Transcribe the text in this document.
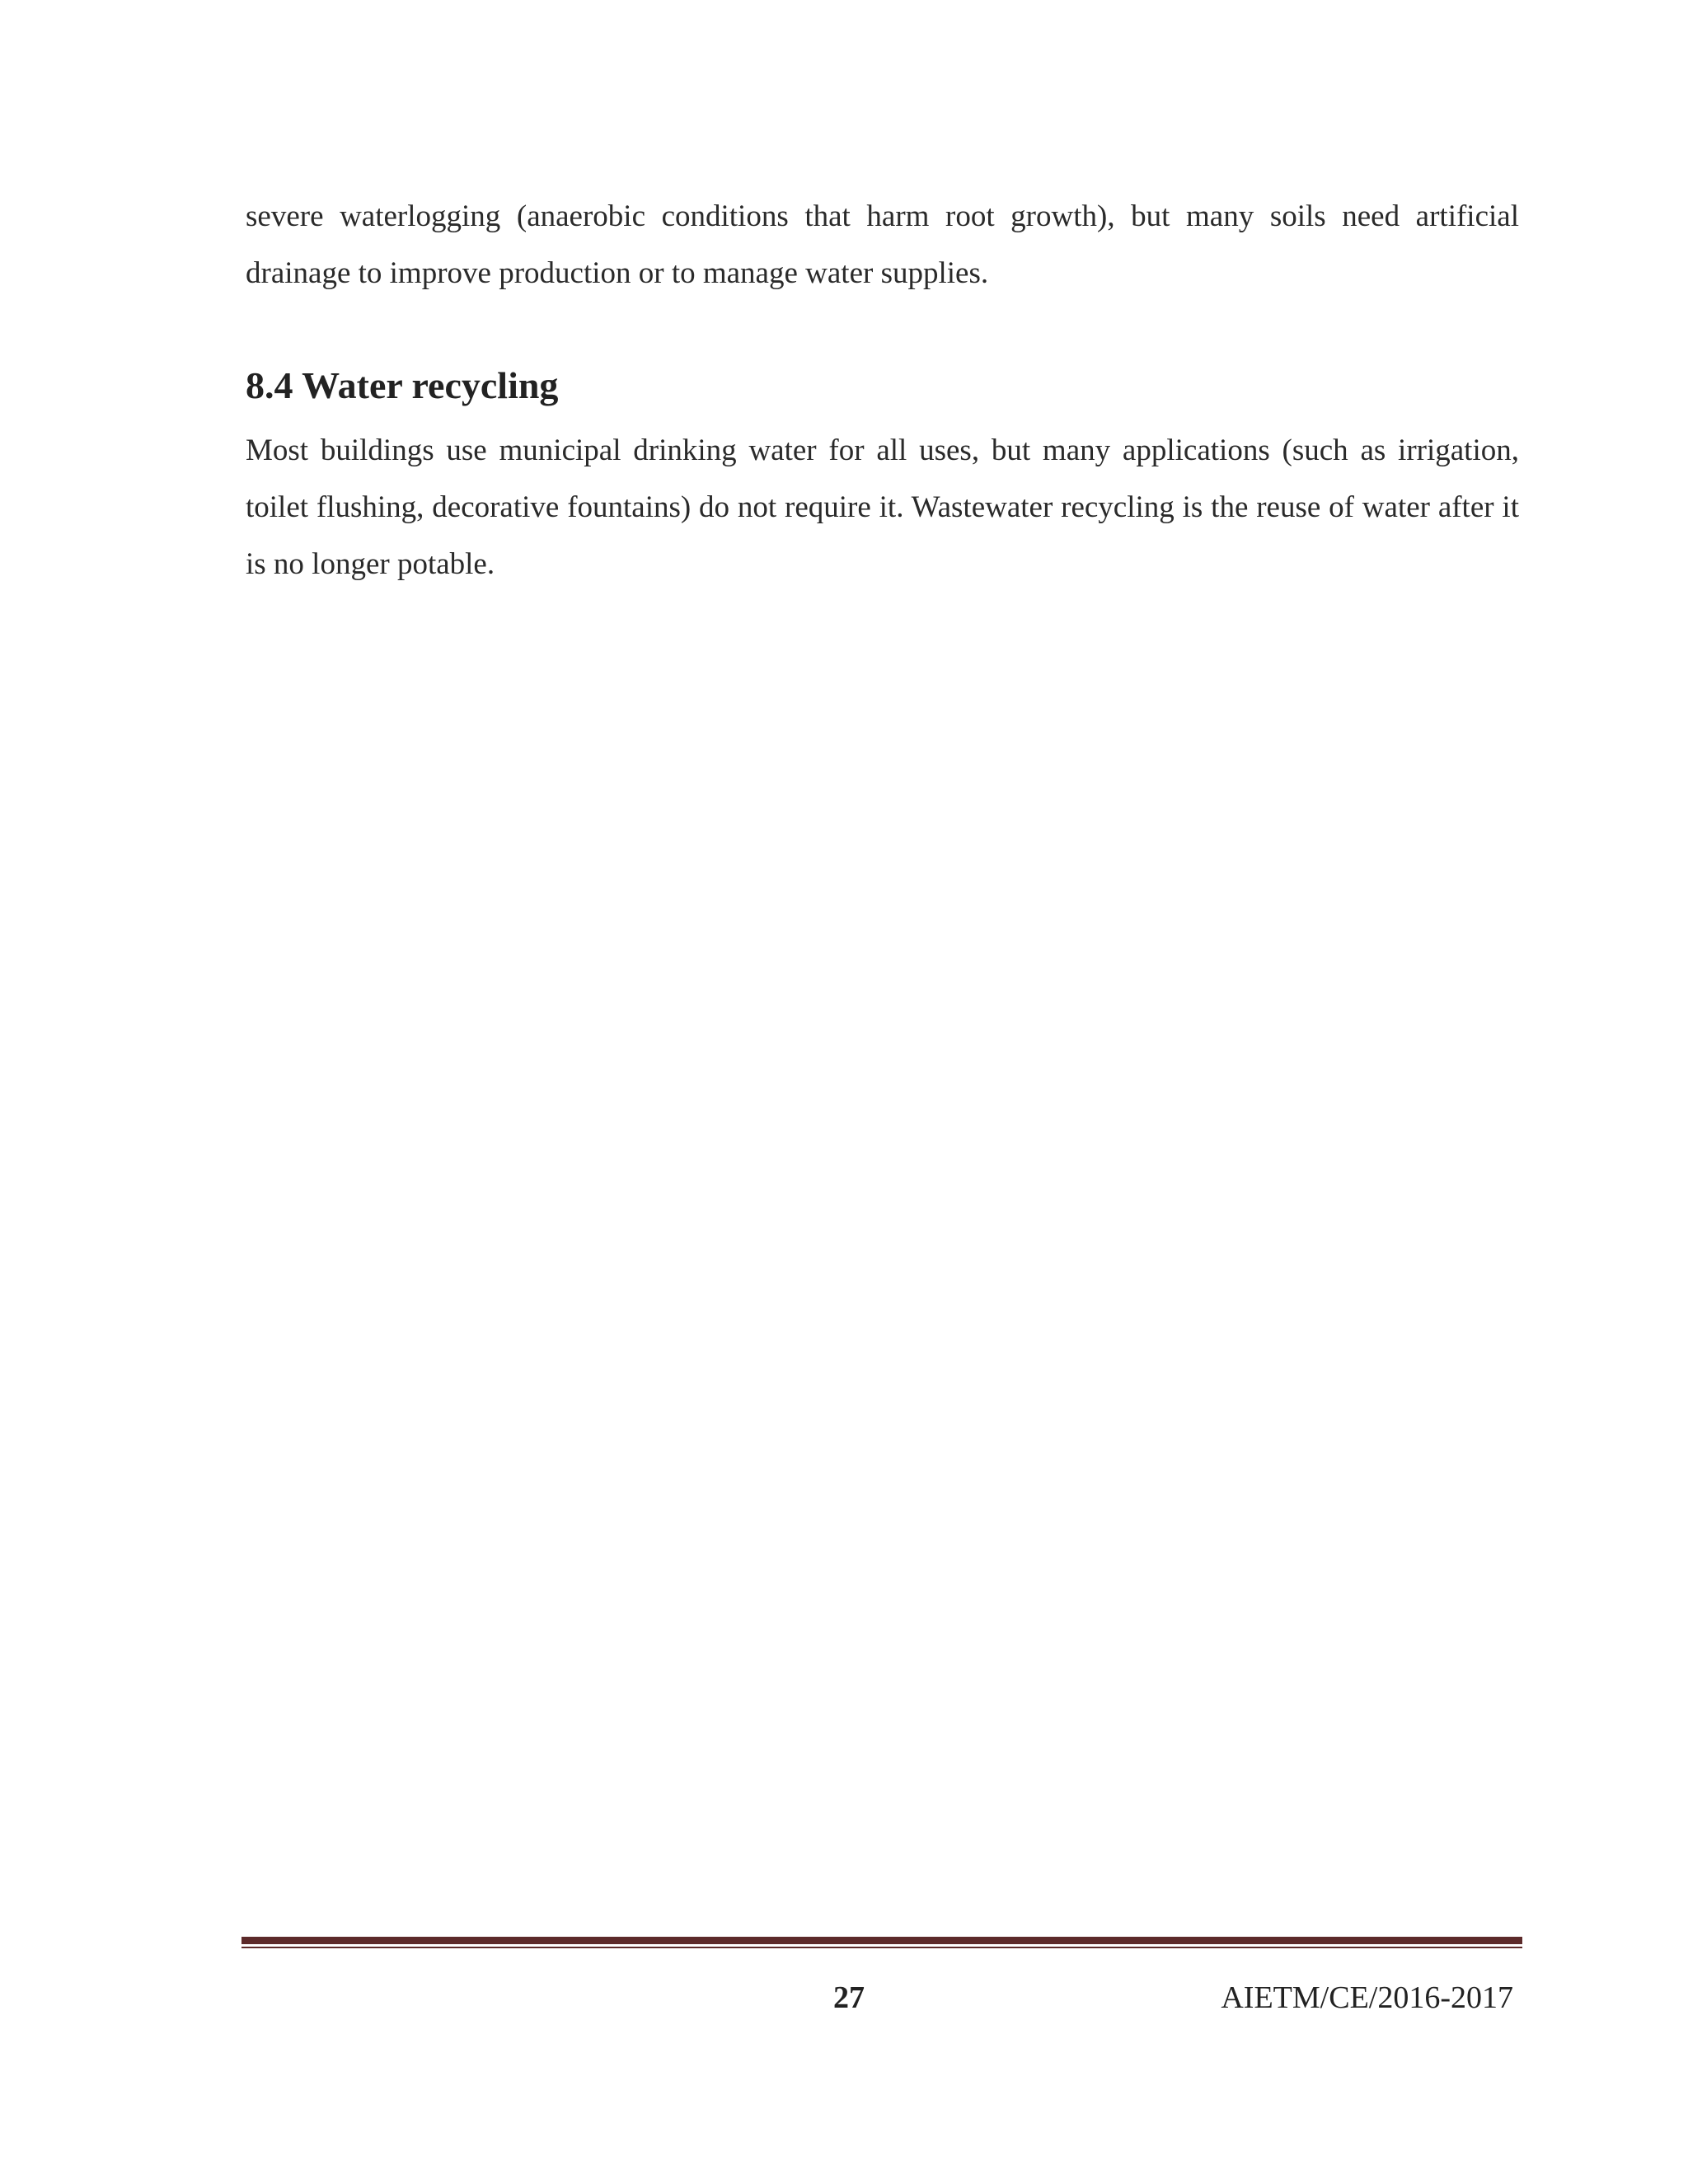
severe waterlogging (anaerobic conditions that harm root growth), but many soils need artificial drainage to improve production or to manage water supplies.

8.4 Water recycling

Most buildings use municipal drinking water for all uses, but many applications (such as irrigation, toilet flushing, decorative fountains) do not require it. Wastewater recycling is the reuse of water after it is no longer potable.

27	AIETM/CE/2016-2017
